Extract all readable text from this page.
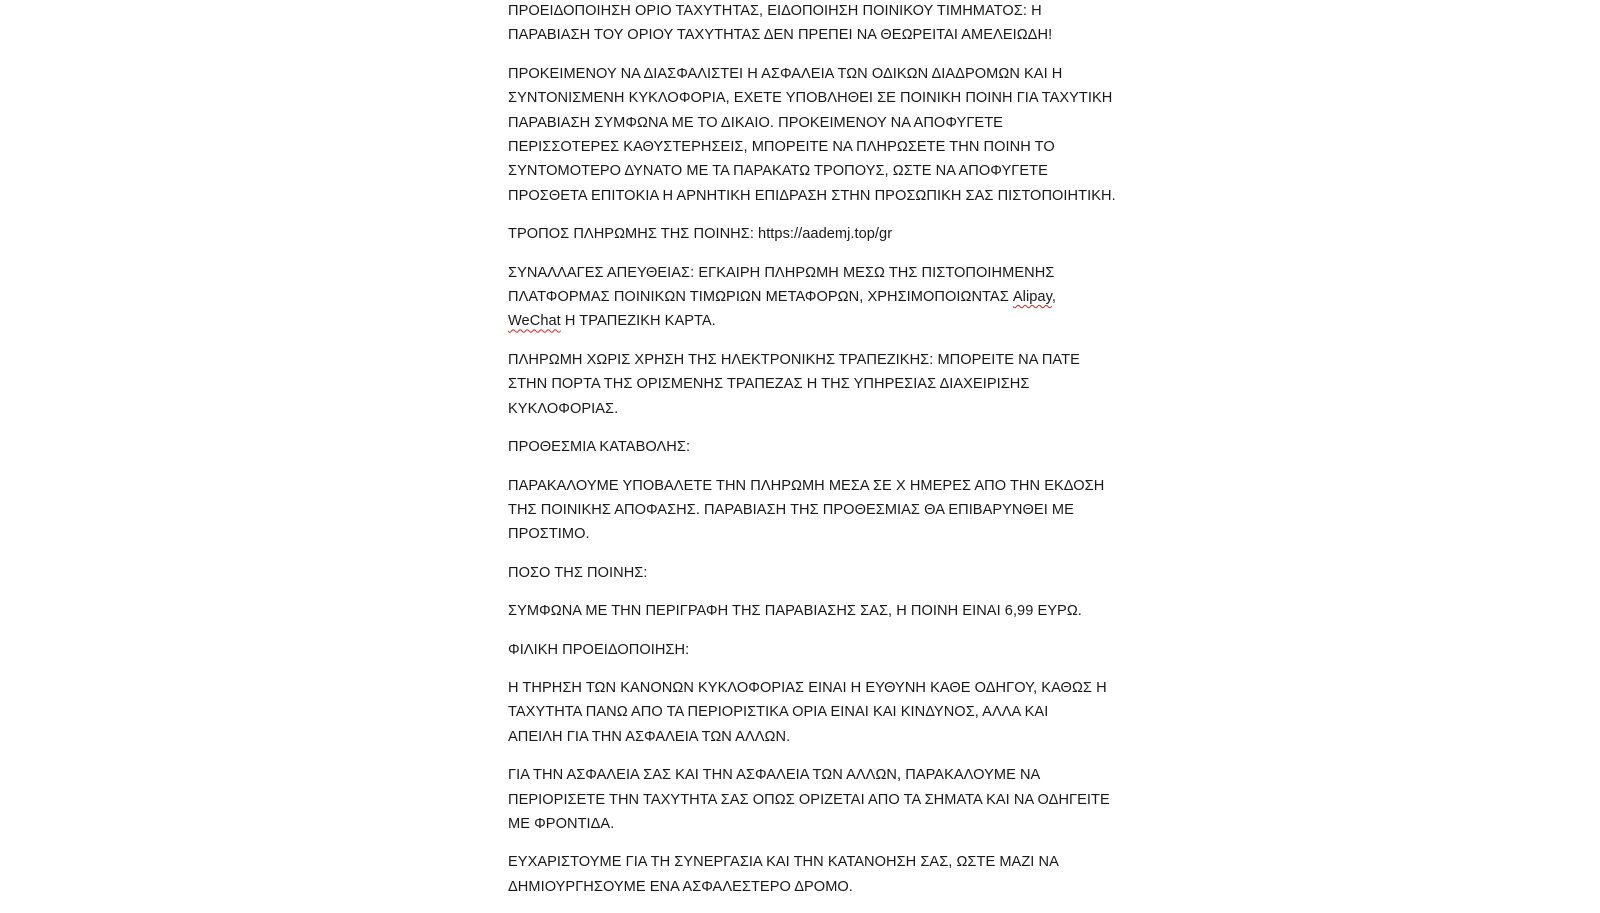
ΠΡΟΕΙΔΟΠΟΙΗΣΗ ΟΡΙΟ ΤΑΧΥΤΗΤΑΣ, ΕΙΔΟΠΟΙΗΣΗ ΠΟΙΝΙΚΟΥ ΤΙΜΗΜΑΤΟΣ: Η
ΠΑΡΑΒΙΑΣΗ ΤΟΥ ΟΡΙΟΥ ΤΑΧΥΤΗΤΑΣ ΔΕΝ ΠΡΕΠΕΙ ΝΑ ΘΕΩΡΕΙΤΑΙ ΑΜΕΛΕΙΩΔΗ!

ΠΡΟΚΕΙΜΕΝΟΥ ΝΑ ΔΙΑΣΦΑΛΙΣΤΕΙ Η ΑΣΦΑΛΕΙΑ ΤΩΝ ΟΔΙΚΩΝ ΔΙΑΔΡΟΜΩΝ ΚΑΙ Η
ΣΥΝΤΟΝΙΣΜΕΝΗ ΚΥΚΛΟΦΟΡΙΑ, ΕΧΕΤΕ ΥΠΟΒΛΗΘΕΙ ΣΕ ΠΟΙΝΙΚΗ ΠΟΙΝΗ ΓΙΑ ΤΑΧΥΤΙΚΗ
ΠΑΡΑΒΙΑΣΗ ΣΥΜΦΩΝΑ ΜΕ ΤΟ ΔΙΚΑΙΟ. ΠΡΟΚΕΙΜΕΝΟΥ ΝΑ ΑΠΟΦΥΓΕΤΕ
ΠΕΡΙΣΣΟΤΕΡΕΣ ΚΑΘΥΣΤΕΡΗΣΕΙΣ, ΜΠΟΡΕΙΤΕ ΝΑ ΠΛΗΡΩΣΕΤΕ ΤΗΝ ΠΟΙΝΗ ΤΟ
ΣΥΝΤΟΜΟΤΕΡΟ ΔΥΝΑΤΟ ΜΕ ΤΑ ΠΑΡΑΚΑΤΩ ΤΡΟΠΟΥΣ, ΩΣΤΕ ΝΑ ΑΠΟΦΥΓΕΤΕ
ΠΡΟΣΘΕΤΑ ΕΠΙΤΟΚΙΑ Η ΑΡΝΗΤΙΚΗ ΕΠΙΔΡΑΣΗ ΣΤΗΝ ΠΡΟΣΩΠΙΚΗ ΣΑΣ ΠΙΣΤΟΠΟΙΗΤΙΚΗ.

ΤΡΟΠΟΣ ΠΛΗΡΩΜΗΣ ΤΗΣ ΠΟΙΝΗΣ: https://aademj.top/gr

ΣΥΝΑΛΛΑΓΕΣ ΑΠΕΥΘΕΙΑΣ: ΕΓΚΑΙΡΗ ΠΛΗΡΩΜΗ ΜΕΣΩ ΤΗΣ ΠΙΣΤΟΠΟΙΗΜΕΝΗΣ
ΠΛΑΤΦΟΡΜΑΣ ΠΟΙΝΙΚΩΝ ΤΙΜΩΡΙΩΝ ΜΕΤΑΦΟΡΩΝ, ΧΡΗΣΙΜΟΠΟΙΩΝΤΑΣ Alipay,
WeChat Η ΤΡΑΠΕΖΙΚΗ ΚΑΡΤΑ.

ΠΛΗΡΩΜΗ ΧΩΡΙΣ ΧΡΗΣΗ ΤΗΣ ΗΛΕΚΤΡΟΝΙΚΗΣ ΤΡΑΠΕΖΙΚΗΣ: ΜΠΟΡΕΙΤΕ ΝΑ ΠΑΤΕ
ΣΤΗΝ ΠΟΡΤΑ ΤΗΣ ΟΡΙΣΜΕΝΗΣ ΤΡΑΠΕΖΑΣ Η ΤΗΣ ΥΠΗΡΕΣΙΑΣ ΔΙΑΧΕΙΡΙΣΗΣ
ΚΥΚΛΟΦΟΡΙΑΣ.

ΠΡΟΘΕΣΜΙΑ ΚΑΤΑΒΟΛΗΣ:

ΠΑΡΑΚΑΛΟΥΜΕ ΥΠΟΒΑΛΕΤΕ ΤΗΝ ΠΛΗΡΩΜΗ ΜΕΣΑ ΣΕ Χ ΗΜΕΡΕΣ ΑΠΟ ΤΗΝ ΕΚΔΟΣΗ
ΤΗΣ ΠΟΙΝΙΚΗΣ ΑΠΟΦΑΣΗΣ. ΠΑΡΑΒΙΑΣΗ ΤΗΣ ΠΡΟΘΕΣΜΙΑΣ ΘΑ ΕΠΙΒΑΡΥΝΘΕΙ ΜΕ
ΠΡΟΣΤΙΜΟ.

ΠΟΣΟ ΤΗΣ ΠΟΙΝΗΣ:

ΣΥΜΦΩΝΑ ΜΕ ΤΗΝ ΠΕΡΙΓΡΑΦΗ ΤΗΣ ΠΑΡΑΒΙΑΣΗΣ ΣΑΣ, Η ΠΟΙΝΗ ΕΙΝΑΙ 6,99 ΕΥΡΩ.

ΦΙΛΙΚΗ ΠΡΟΕΙΔΟΠΟΙΗΣΗ:

Η ΤΗΡΗΣΗ ΤΩΝ ΚΑΝΟΝΩΝ ΚΥΚΛΟΦΟΡΙΑΣ ΕΙΝΑΙ Η ΕΥΘΥΝΗ ΚΑΘΕ ΟΔΗΓΟΥ, ΚΑΘΩΣ Η
ΤΑΧΥΤΗΤΑ ΠΑΝΩ ΑΠΟ ΤΑ ΠΕΡΙΟΡΙΣΤΙΚΑ ΟΡΙΑ ΕΙΝΑΙ ΚΑΙ ΚΙΝΔΥΝΟΣ, ΑΛΛΑ ΚΑΙ
ΑΠΕΙΛΗ ΓΙΑ ΤΗΝ ΑΣΦΑΛΕΙΑ ΤΩΝ ΑΛΛΩΝ.

ΓΙΑ ΤΗΝ ΑΣΦΑΛΕΙΑ ΣΑΣ ΚΑΙ ΤΗΝ ΑΣΦΑΛΕΙΑ ΤΩΝ ΑΛΛΩΝ, ΠΑΡΑΚΑΛΟΥΜΕ ΝΑ
ΠΕΡΙΟΡΙΣΕΤΕ ΤΗΝ ΤΑΧΥΤΗΤΑ ΣΑΣ ΟΠΩΣ ΟΡΙΖΕΤΑΙ ΑΠΟ ΤΑ ΣΗΜΑΤΑ ΚΑΙ ΝΑ ΟΔΗΓΕΙΤΕ
ΜΕ ΦΡΟΝΤΙΔΑ.

ΕΥΧΑΡΙΣΤΟΥΜΕ ΓΙΑ ΤΗ ΣΥΝΕΡΓΑΣΙΑ ΚΑΙ ΤΗΝ ΚΑΤΑΝΟΗΣΗ ΣΑΣ, ΩΣΤΕ ΜΑΖΙ ΝΑ
ΔΗΜΙΟΥΡΓΗΣΟΥΜΕ ΕΝΑ ΑΣΦΑΛΕΣΤΕΡΟ ΔΡΟΜΟ.
